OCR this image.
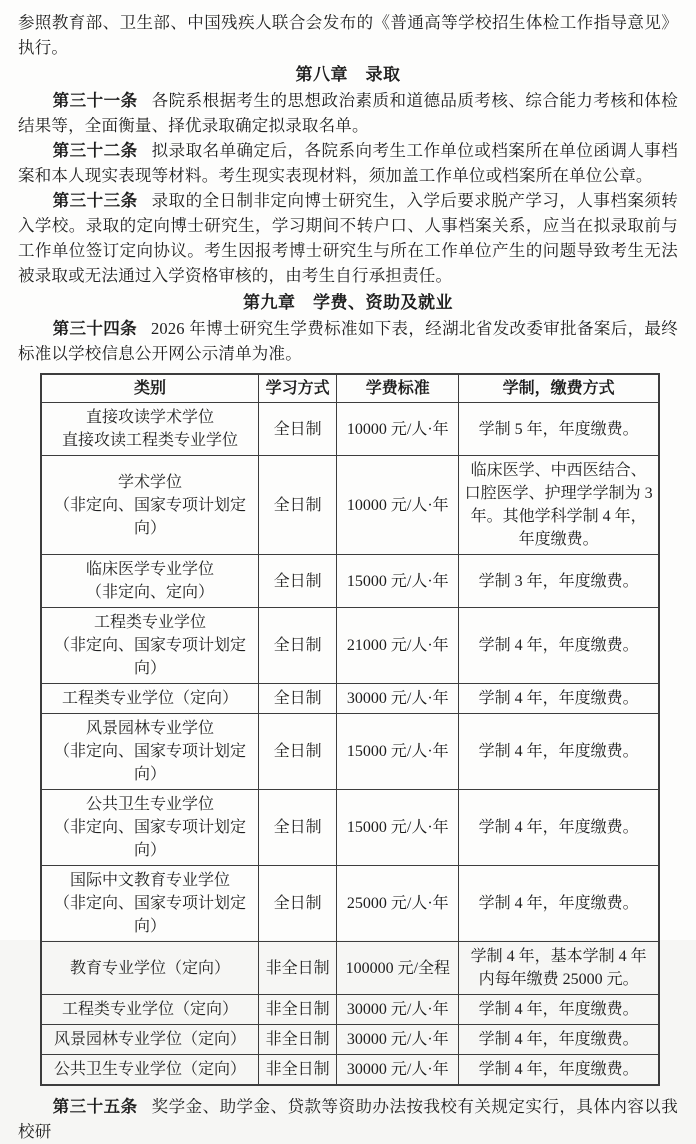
参照教育部、卫生部、中国残疾人联合会发布的《普通高等学校招生体检工作指导意见》执行。

第八章　录取

第三十一条 各院系根据考生的思想政治素质和道德品质考核、综合能力考核和体检结果等，全面衡量、择优录取确定拟录取名单。

第三十二条 拟录取名单确定后，各院系向考生工作单位或档案所在单位函调人事档案和本人现实表现等材料。考生现实表现材料，须加盖工作单位或档案所在单位公章。

第三十三条 录取的全日制非定向博士研究生，入学后要求脱产学习，人事档案须转入学校。录取的定向博士研究生，学习期间不转户口、人事档案关系，应当在拟录取前与工作单位签订定向协议。考生因报考博士研究生与所在工作单位产生的问题导致考生无法被录取或无法通过入学资格审核的，由考生自行承担责任。

第九章　学费、资助及就业

第三十四条 2026 年博士研究生学费标准如下表，经湖北省发改委审批备案后，最终标准以学校信息公开网公示清单为准。

类别	学习方式	学费标准	学制，缴费方式

直接攻读学术学位
直接攻读工程类专业学位	全日制	10000 元/人·年	学制 5 年，年度缴费。

学术学位
（非定向、国家专项计划定向）	全日制	10000 元/人·年	临床医学、中西医结合、口腔医学、护理学学制为 3 年。其他学科学制 4 年，年度缴费。

临床医学专业学位
（非定向、定向）	全日制	15000 元/人·年	学制 3 年，年度缴费。

工程类专业学位
（非定向、国家专项计划定向）	全日制	21000 元/人·年	学制 4 年，年度缴费。

工程类专业学位（定向）	全日制	30000 元/人·年	学制 4 年，年度缴费。

风景园林专业学位
（非定向、国家专项计划定向）	全日制	15000 元/人·年	学制 4 年，年度缴费。

公共卫生专业学位
（非定向、国家专项计划定向）	全日制	15000 元/人·年	学制 4 年，年度缴费。

国际中文教育专业学位
（非定向、国家专项计划定向）	全日制	25000 元/人·年	学制 4 年，年度缴费。

教育专业学位（定向）	非全日制	100000 元/全程	学制 4 年，基本学制 4 年内每年缴费 25000 元。

工程类专业学位（定向）	非全日制	30000 元/人·年	学制 4 年，年度缴费。

风景园林专业学位（定向）	非全日制	30000 元/人·年	学制 4 年，年度缴费。

公共卫生专业学位（定向）	非全日制	30000 元/人·年	学制 4 年，年度缴费。

第三十五条 奖学金、助学金、贷款等资助办法按我校有关规定实行，具体内容以我校研
